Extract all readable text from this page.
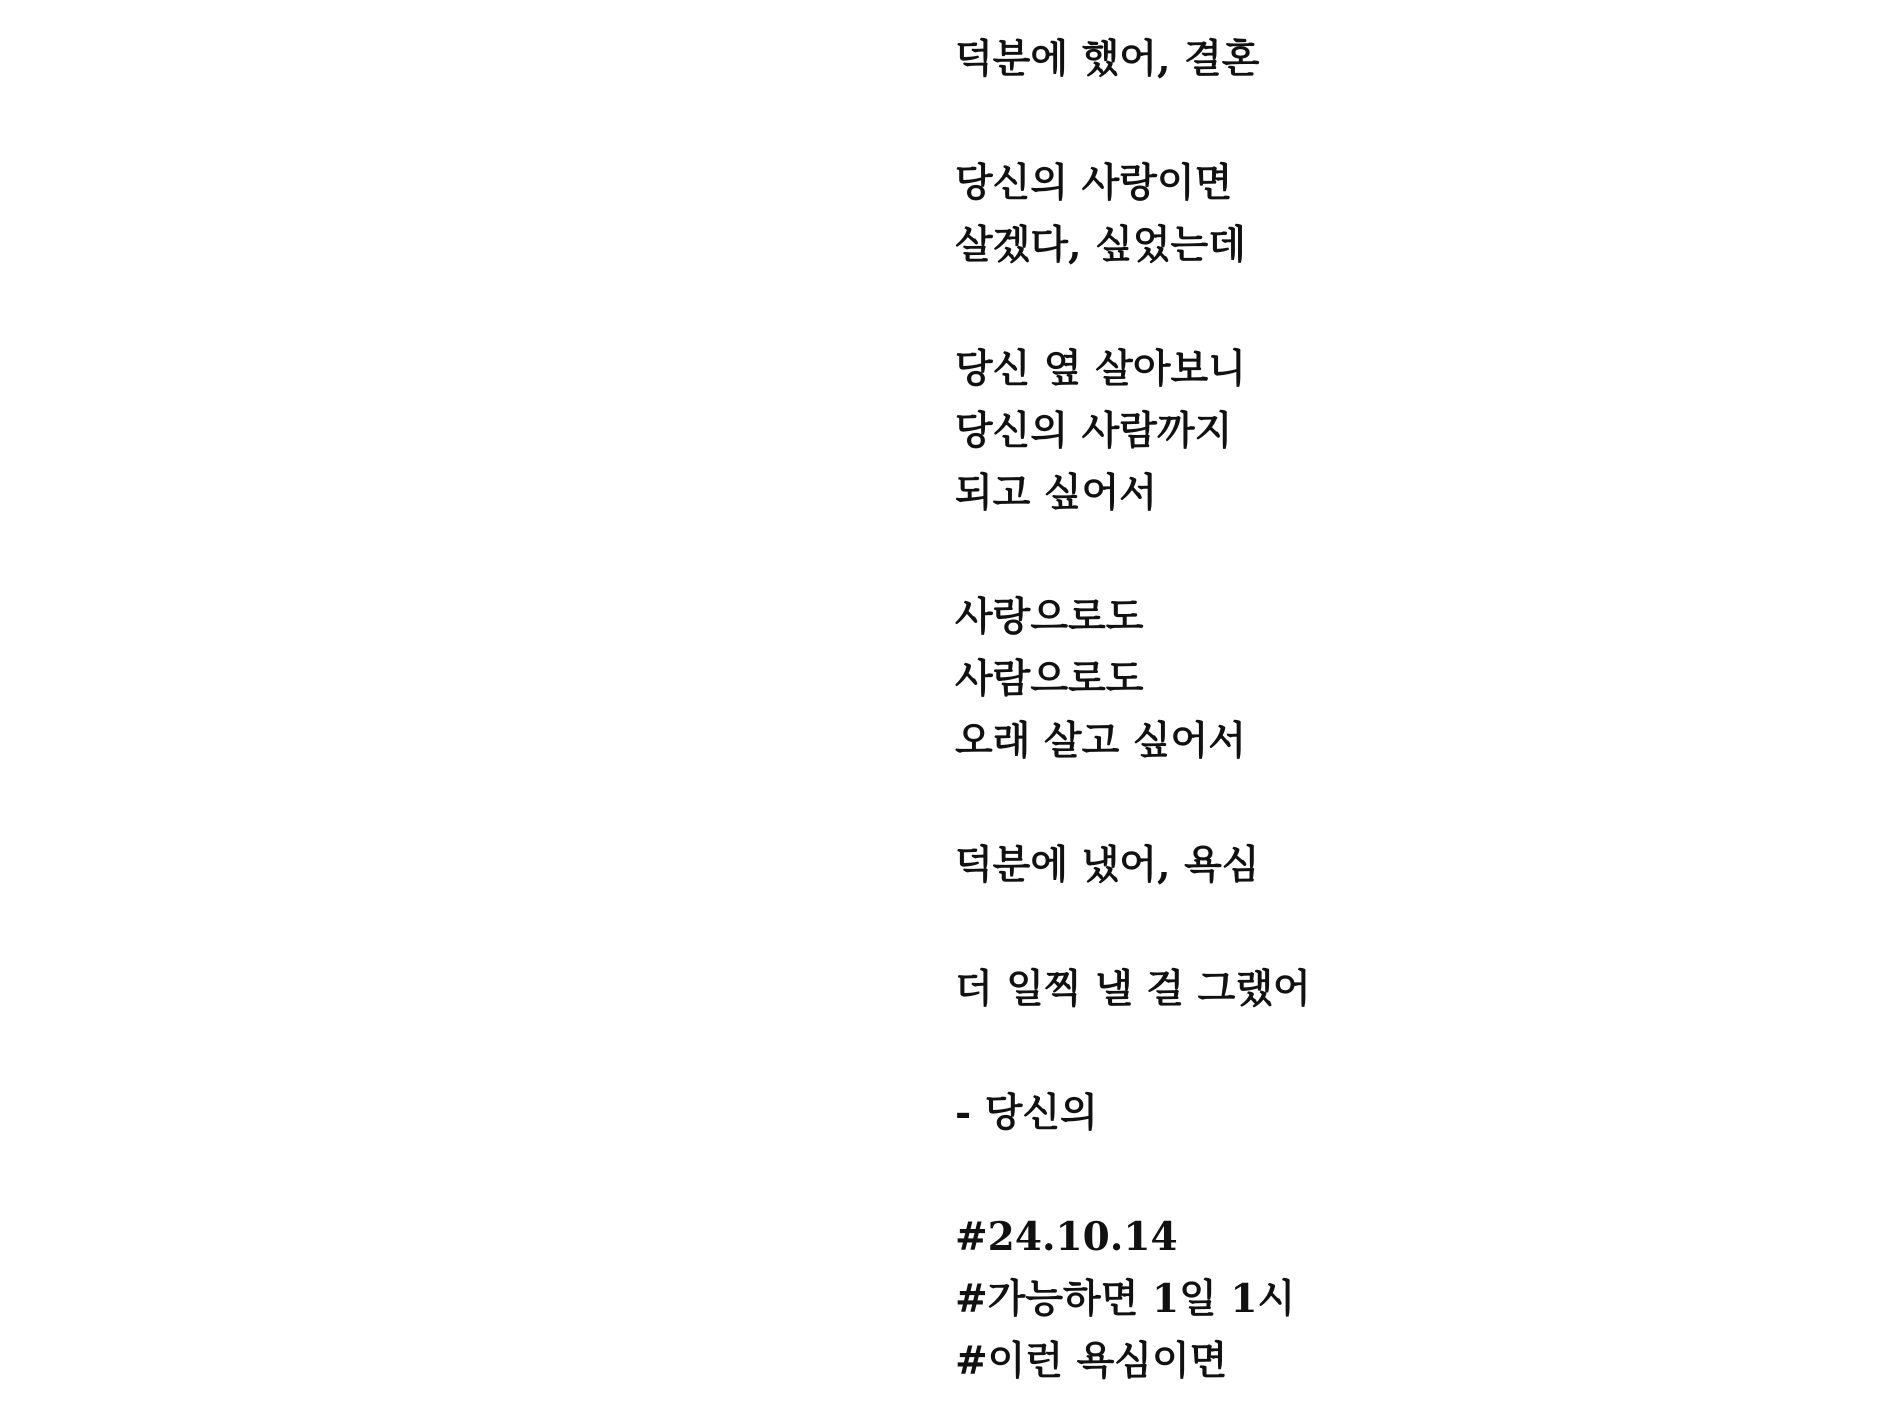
덕분에 했어, 결혼
당신의 사랑이면
살겠다, 싶었는데
당신 옆 살아보니
당신의 사람까지
되고 싶어서
사랑으로도
사람으로도
오래 살고 싶어서
덕분에 냈어, 욕심
더 일찍 낼 걸 그랬어
- 당신의
#24.10.14
#가능하면 1일 1시
#이런 욕심이면
